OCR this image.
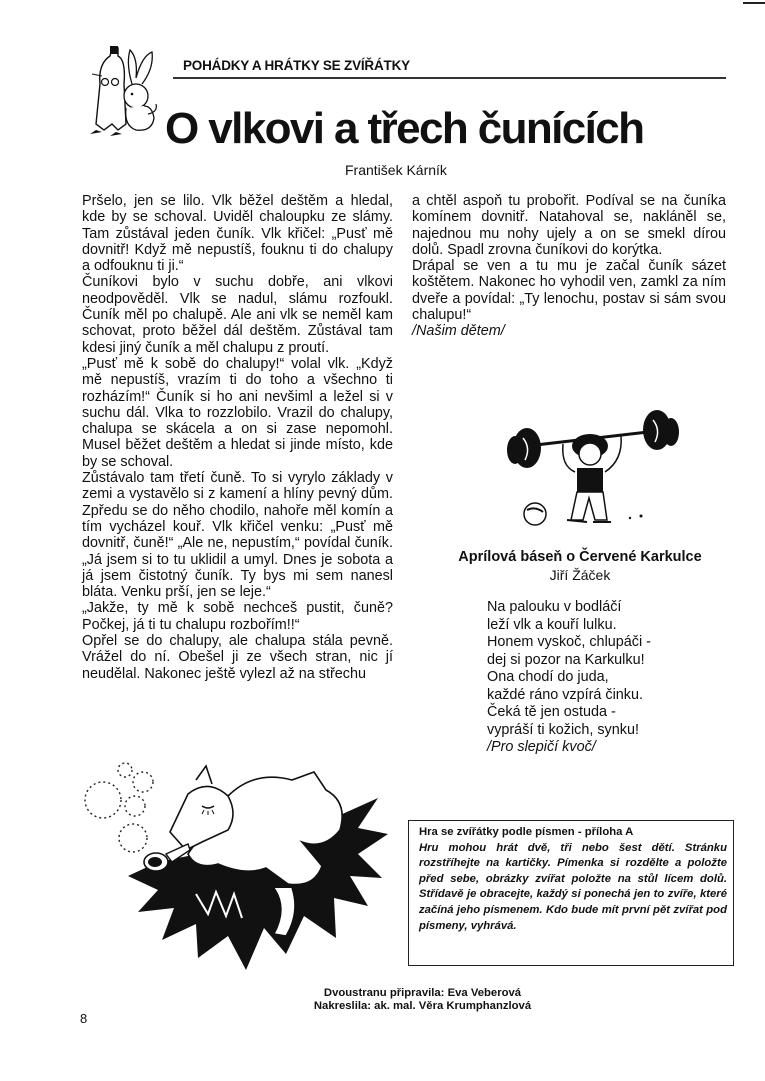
POHÁDKY A HRÁTKY SE ZVÍŘÁTKY
O vlkovi a třech čunících
František Kárník

Pršelo, jen se lilo. Vlk běžel deštěm a hledal, kde by se schoval. Uviděl chaloupku ze slámy. Tam zůstával jeden čuník. Vlk křičel: „Pusť mě dovnitř! Když mě nepustíš, fouknu ti do chalupy a odfouknu ti ji.“

Čuníkovi bylo v suchu dobře, ani vlkovi neodpověděl. Vlk se nadul, slámu rozfoukl. Čuník měl po chalupě. Ale ani vlk se neměl kam schovat, proto běžel dál deštěm. Zůstával tam kdesi jiný čuník a měl chalupu z proutí.

„Pusť mě k sobě do chalupy!“ volal vlk. „Když mě nepustíš, vrazím ti do toho a všechno ti rozházím!“ Čuník si ho ani nevšiml a ležel si v suchu dál. Vlka to rozzlobilo. Vrazil do chalupy, chalupa se skácela a on si zase nepomohl. Musel běžet deštěm a hledat si jinde místo, kde by se schoval.

Zůstávalo tam třetí čuně. To si vyrylo základy v zemi a vystavělo si z kamení a hlíny pevný dům. Zpředu se do něho chodilo, nahoře měl komín a tím vycházel kouř. Vlk křičel venku: „Pusť mě dovnitř, čuně!“ „Ale ne, nepustím,“ povídal čuník. „Já jsem si to tu uklidil a umyl. Dnes je sobota a já jsem čistotný čuník. Ty bys mi sem nanesl bláta. Venku prší, jen se leje.“

„Jakže, ty mě k sobě nechceš pustit, čuně? Počkej, já ti tu chalupu rozbořím!!“

Opřel se do chalupy, ale chalupa stála pevně. Vrážel do ní. Obešel ji ze všech stran, nic jí neudělal. Nakonec ještě vylezl až na střechu

a chtěl aspoň tu probořit. Podíval se na čuníka komínem dovnitř. Natahoval se, nakláněl se, najednou mu nohy ujely a on se smekl dírou dolů. Spadl zrovna čuníkovi do korýtka.

Drápal se ven a tu mu je začal čuník sázet koštětem. Nakonec ho vyhodil ven, zamkl za ním dveře a povídal: „Ty lenochu, postav si sám svou chalupu!“

/Našim dětem/

Aprílová báseň o Červené Karkulce
Jiří Žáček
Na palouku v bodláčí
leží vlk a kouří lulku.
Honem vyskoč, chlupáči -
dej si pozor na Karkulku!
Ona chodí do juda,
každé ráno vzpírá činku.
Čeká tě jen ostuda -
vypráší ti kožich, synku!
/Pro slepičí kvoč/
Hra se zvířátky podle písmen - příloha A
Hru mohou hrát dvě, tři nebo šest dětí. Stránku rozstříhejte na kartičky. Pímenka si rozdělte a položte před sebe, obrázky zvířat položte na stůl lícem dolů. Střídavě je obracejte, každý si ponechá jen to zvíře, které začíná jeho písmenem. Kdo bude mít první pět zvířat pod písmeny, vyhrává.
Dvoustranu připravila: Eva Veberová
Nakreslila: ak. mal. Věra Krumphanzlová
8
